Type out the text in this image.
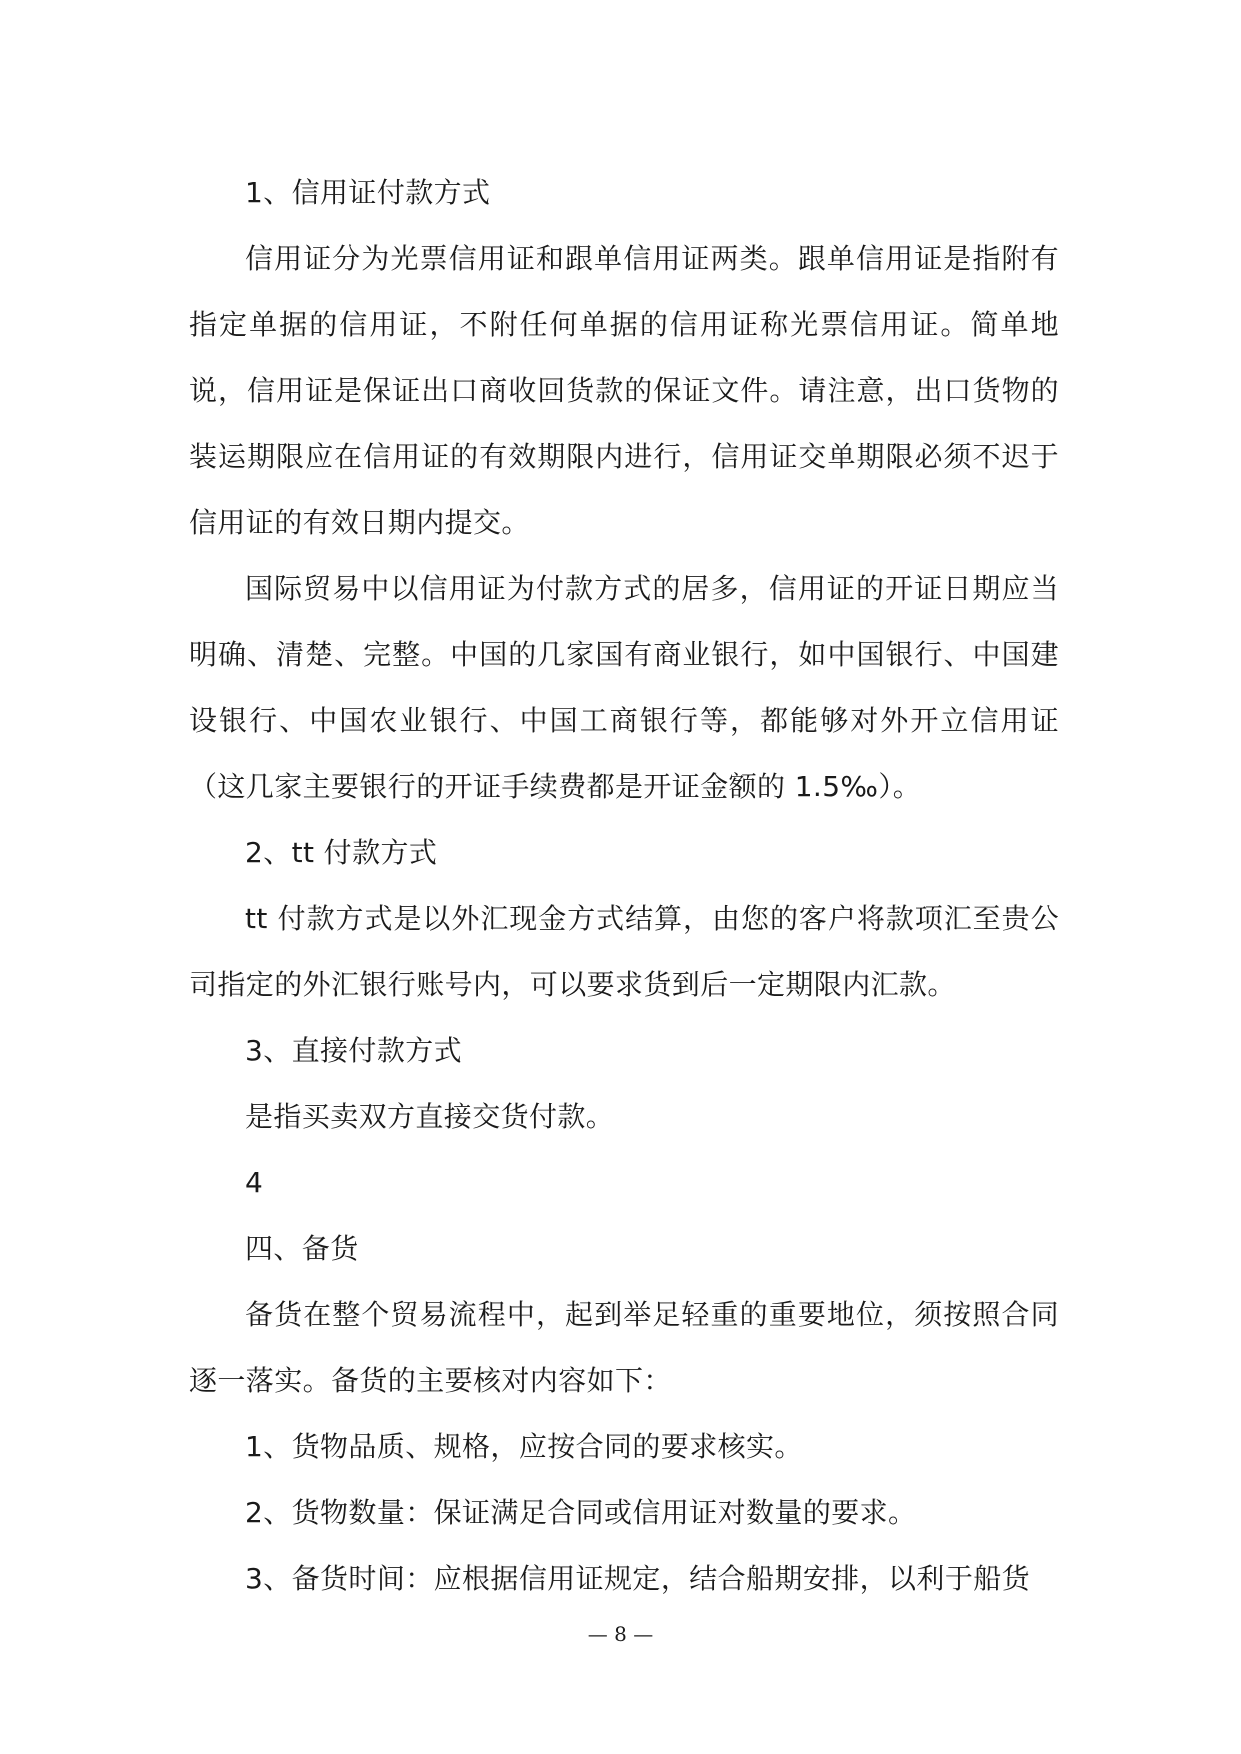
1、信用证付款方式

信用证分为光票信用证和跟单信用证两类。跟单信用证是指附有指定单据的信用证，不附任何单据的信用证称光票信用证。简单地说，信用证是保证出口商收回货款的保证文件。请注意，出口货物的装运期限应在信用证的有效期限内进行，信用证交单期限必须不迟于信用证的有效日期内提交。

国际贸易中以信用证为付款方式的居多，信用证的开证日期应当明确、清楚、完整。中国的几家国有商业银行，如中国银行、中国建设银行、中国农业银行、中国工商银行等，都能够对外开立信用证（这几家主要银行的开证手续费都是开证金额的 1.5‰）。

2、tt 付款方式

tt 付款方式是以外汇现金方式结算，由您的客户将款项汇至贵公司指定的外汇银行账号内，可以要求货到后一定期限内汇款。

3、直接付款方式

是指买卖双方直接交货付款。

4

四、备货

备货在整个贸易流程中，起到举足轻重的重要地位，须按照合同逐一落实。备货的主要核对内容如下：

1、货物品质、规格，应按合同的要求核实。

2、货物数量：保证满足合同或信用证对数量的要求。

3、备货时间：应根据信用证规定，结合船期安排，以利于船货

— 8 —
